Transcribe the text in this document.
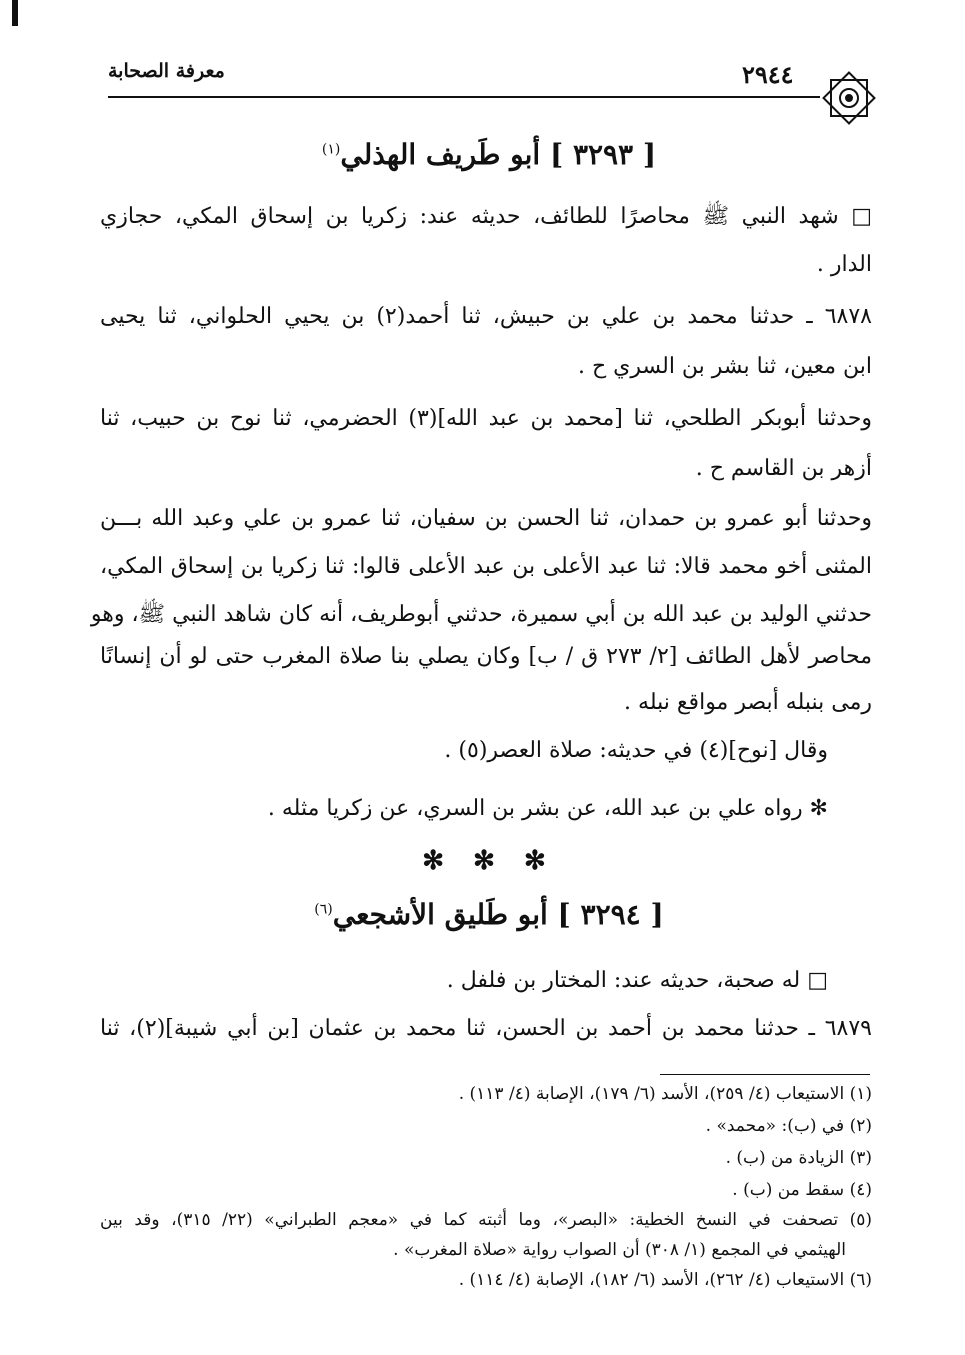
معرفة الصحابة	٢٩٤٤
[ ٣٢٩٣ ] أبو طَريف الهذلي$^{(١)}$
□ شهد النبي ﷺ محاصرًا للطائف، حديثه عند: زكريا بن إسحاق المكي، حجازي
الدار .
٦٨٧٨ ـ حدثنا محمد بن علي بن حبيش، ثنا أحمد(٢) بن يحيي الحلواني، ثنا يحيى
ابن معين، ثنا بشر بن السري ح .
وحدثنا أبوبكر الطلحي، ثنا [محمد بن عبد الله](٣) الحضرمي، ثنا نوح بن حبيب، ثنا
أزهر بن القاسم ح .
وحدثنا أبو عمرو بن حمدان، ثنا الحسن بن سفيان، ثنا عمرو بن علي وعبد الله بـــن
المثنى أخو محمد قالا: ثنا عبد الأعلى بن عبد الأعلى قالوا: ثنا زكريا بن إسحاق المكي،
حدثني الوليد بن عبد الله بن أبي سميرة، حدثني أبوطريف، أنه كان شاهد النبي ﷺ، وهو
محاصر لأهل الطائف [٢/ ٢٧٣ ق / ب] وكان يصلي بنا صلاة المغرب حتى لو أن إنسانًا
رمى بنبله أبصر مواقع نبله .
وقال [نوح](٤) في حديثه: صلاة العصر(٥) .
✻ رواه علي بن عبد الله، عن بشر بن السري، عن زكريا مثله .
✻ ✻ ✻
[ ٣٢٩٤ ] أبو طَليق الأشجعي$^{(٦)}$
□ له صحبة، حديثه عند: المختار بن فلفل .
٦٨٧٩ ـ حدثنا محمد بن أحمد بن الحسن، ثنا محمد بن عثمان [بن أبي شيبة](٢)، ثنا
(١) الاستيعاب (٤/ ٢٥٩)، الأسد (٦/ ١٧٩)، الإصابة (٤/ ١١٣) .
(٢) في (ب): «محمد» .
(٣) الزيادة من (ب) .
(٤) سقط من (ب) .
(٥) تصحفت في النسخ الخطية: «البصر»، وما أثبته كما في «معجم الطبراني» (٢٢/ ٣١٥)، وقد بين
الهيثمي في المجمع (١/ ٣٠٨) أن الصواب رواية «صلاة المغرب» .
(٦) الاستيعاب (٤/ ٢٦٢)، الأسد (٦/ ١٨٢)، الإصابة (٤/ ١١٤) .
